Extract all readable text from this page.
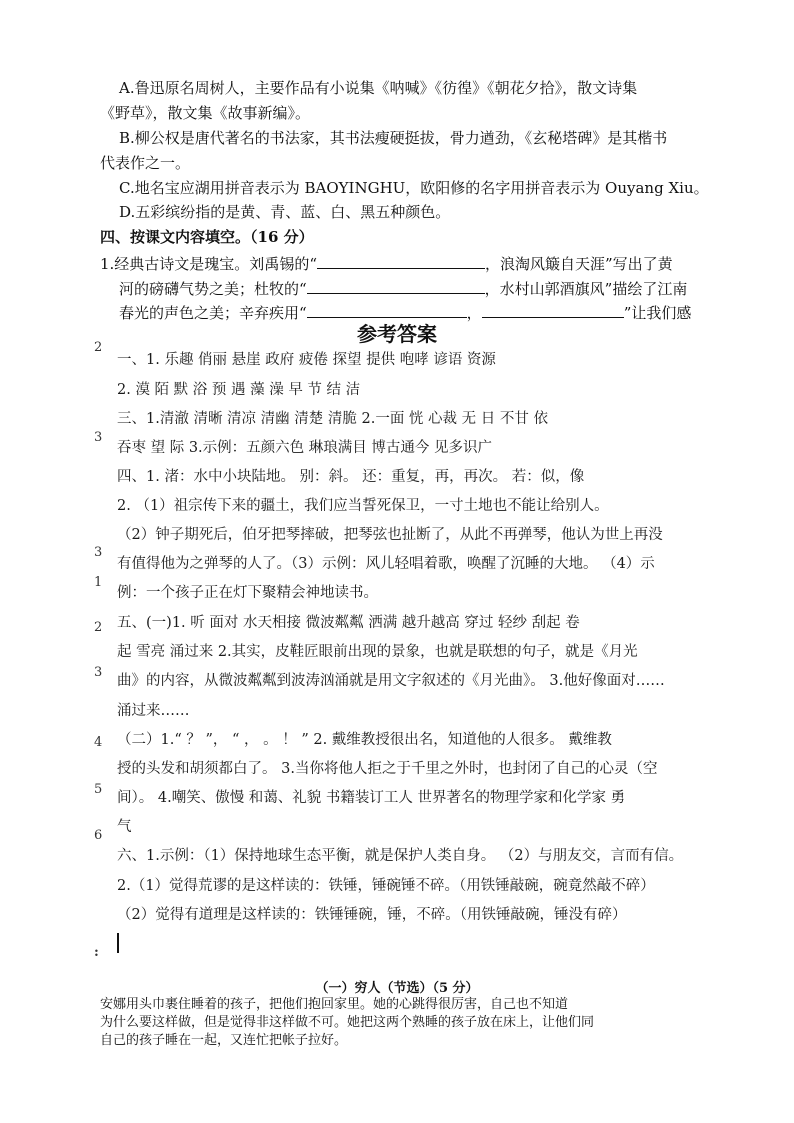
A.鲁迅原名周树人，主要作品有小说集《呐喊》《彷徨》《朝花夕拾》，散文诗集
《野草》，散文集《故事新编》。
B.柳公权是唐代著名的书法家，其书法瘦硬挺拔，骨力遒劲，《玄秘塔碑》是其楷书
代表作之一。
C.地名宝应湖用拼音表示为 BAOYINGHU，欧阳修的名字用拼音表示为 Ouyang Xiu。
D.五彩缤纷指的是黄、青、蓝、白、黑五种颜色。
四、按课文内容填空。（16 分）
1.经典古诗文是瑰宝。刘禹锡的“	，浪淘风簸自天涯”写出了黄
河的磅礴气势之美；杜牧的“	，水村山郭酒旗风”描绘了江南
春光的声色之美；辛弃疾用“	，	”让我们感
参考答案
2
3
3
1
2
3
4
5
6
:
一、1. 乐趣 俏丽 悬崖 政府 疲倦 探望 提供 咆哮 谚语 资源
2. 漠 陌 默 浴 预 遇 藻 澡 早 节 结 洁
三、1.清澈 清晰 清凉 清幽 清楚 清脆 2.一面 恍 心裁 无 日 不甘 依
吞枣 望 际 3.示例：五颜六色 琳琅满目 博古通今 见多识广
四、1. 渚：水中小块陆地。 别：斜。 还：重复，再，再次。 若：似，像
2. （1）祖宗传下来的疆土，我们应当誓死保卫，一寸土地也不能让给别人。
（2）钟子期死后，伯牙把琴摔破，把琴弦也扯断了，从此不再弹琴，他认为世上再没
有值得他为之弹琴的人了。（3）示例：风儿轻唱着歌，唤醒了沉睡的大地。 （4）示
例：一个孩子正在灯下聚精会神地读书。
五、(一)1. 听 面对 水天相接 微波粼粼 洒满 越升越高 穿过 轻纱 刮起 卷
起 雪亮 涌过来 2.其实，皮鞋匠眼前出现的景象，也就是联想的句子，就是《月光
曲》的内容，从微波粼粼到波涛汹涌就是用文字叙述的《月光曲》。 3.他好像面对……
涌过来……
（二）1.“ ？ ”， “ ， 。 ！ ” 2. 戴维教授很出名，知道他的人很多。 戴维教
授的头发和胡须都白了。 3.当你将他人拒之于千里之外时，也封闭了自己的心灵（空
间）。 4.嘲笑、傲慢 和蔼、礼貌 书籍装订工人 世界著名的物理学家和化学家 勇
气
六、1.示例：（1）保持地球生态平衡，就是保护人类自身。 （2）与朋友交，言而有信。
2.（1）觉得荒谬的是这样读的：铁锤，锤碗锤不碎。（用铁锤敲碗，碗竟然敲不碎）
（2）觉得有道理是这样读的：铁锤锤碗，锤，不碎。（用铁锤敲碗，锤没有碎）
（一）穷人（节选）（5 分）
安娜用头巾裹住睡着的孩子，把他们抱回家里。她的心跳得很厉害，自己也不知道
为什么要这样做，但是觉得非这样做不可。她把这两个熟睡的孩子放在床上，让他们同
自己的孩子睡在一起，又连忙把帐子拉好。
